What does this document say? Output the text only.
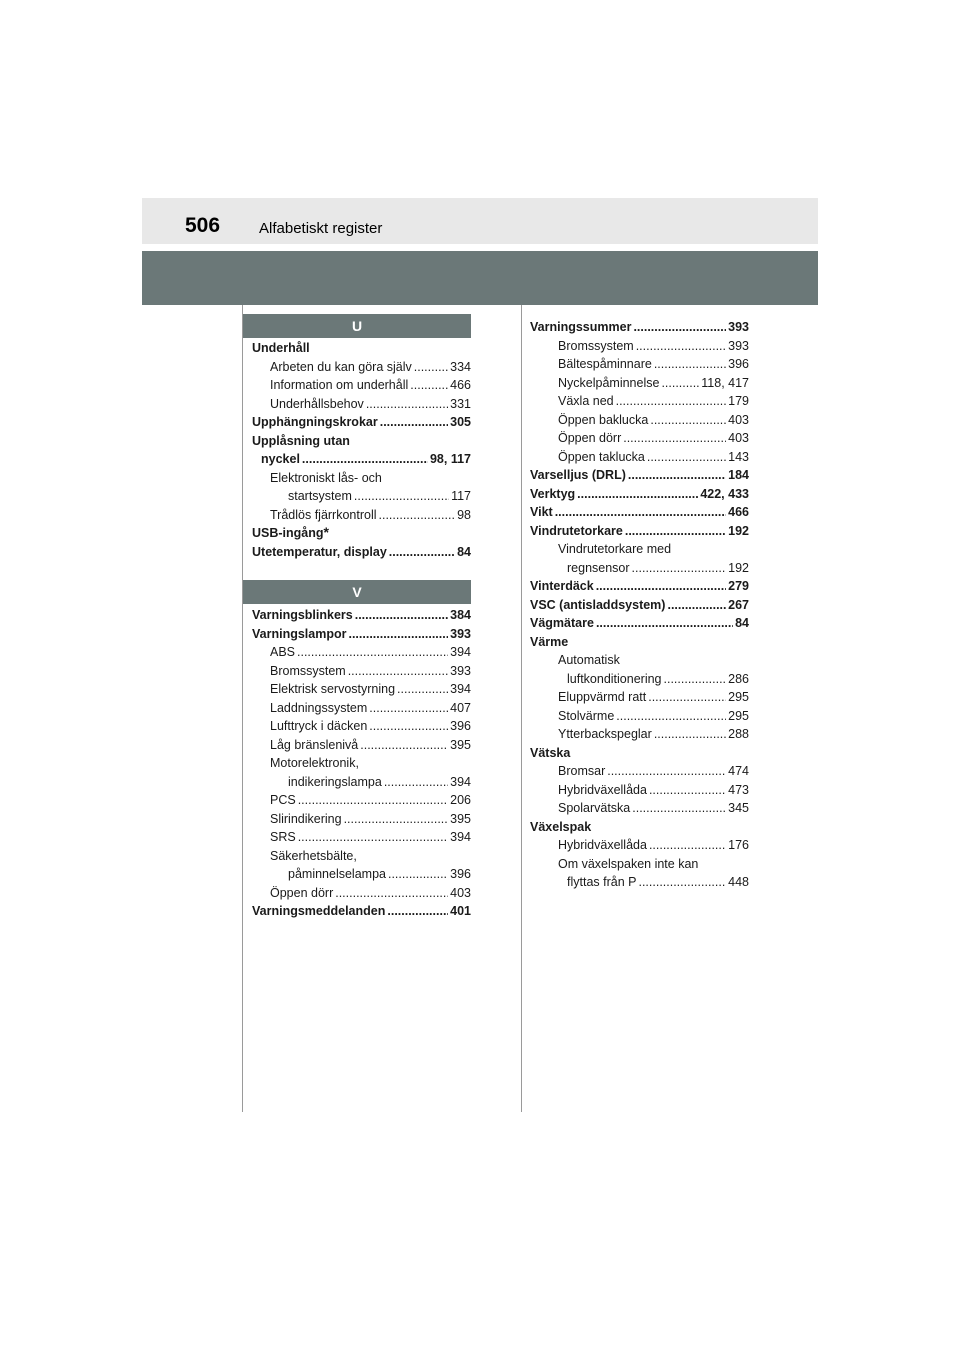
506	Alfabetiskt register
U
Underhåll
Arbeten du kan göra själv .....	334
Information om underhåll .....	466
Underhållsbehov .....	331
Upphängningskrokar .....	305
Upplåsning utan
nyckel .....	98, 117
Elektroniskt lås- och
startsystem .....	117
Trådlös fjärrkontroll .....	98
USB-ingång *
Utetemperatur, display .....	84
V
Varningsblinkers .....	384
Varningslampor .....	393
ABS .....	394
Bromssystem .....	393
Elektrisk servostyrning .....	394
Laddningssystem .....	407
Lufttryck i däcken .....	396
Låg bränslenivå .....	395
Motorelektronik,
indikeringslampa .....	394
PCS .....	206
Slirindikering .....	395
SRS .....	394
Säkerhetsbälte,
påminnelselampa .....	396
Öppen dörr .....	403
Varningsmeddelanden .....	401
Varningssummer .....	393
Bromssystem .....	393
Bältespåminnare .....	396
Nyckelpåminnelse .....	118, 417
Växla ned .....	179
Öppen baklucka .....	403
Öppen dörr .....	403
Öppen taklucka .....	143
Varselljus (DRL) .....	184
Verktyg .....	422, 433
Vikt .....	466
Vindrutetorkare .....	192
Vindrutetorkare med
regnsensor .....	192
Vinterdäck .....	279
VSC (antisladdsystem) .....	267
Vägmätare .....	84
Värme
Automatisk
luftkonditionering .....	286
Eluppvärmd ratt .....	295
Stolvärme .....	295
Ytterbackspeglar .....	288
Vätska
Bromsar .....	474
Hybridväxellåda .....	473
Spolarvätska .....	345
Växelspak
Hybridväxellåda .....	176
Om växelspaken inte kan
flyttas från P .....	448
